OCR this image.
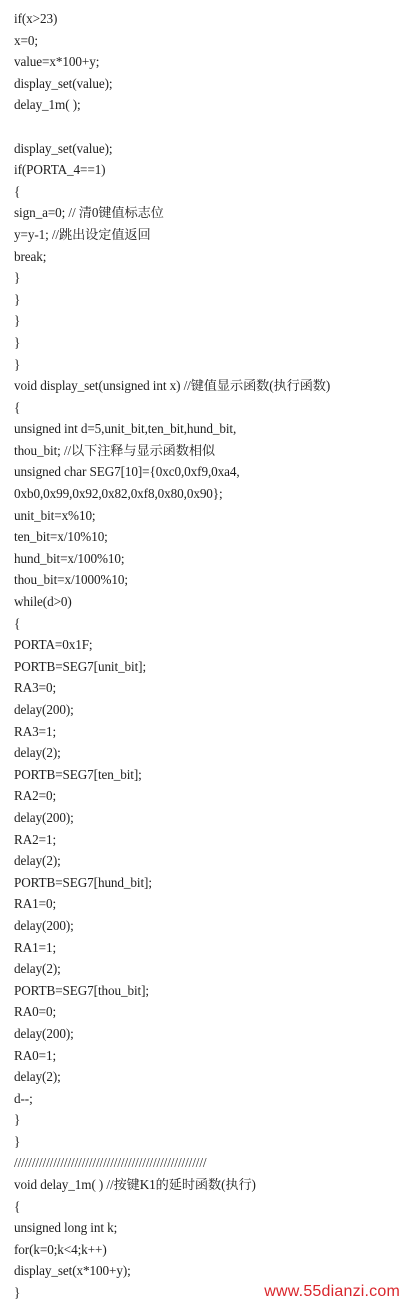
if(x>23)
x=0;
value=x*100+y;
display_set(value);
delay_1m( );
display_set(value);
if(PORTA_4==1)
{
sign_a=0; // 清0键值标志位
y=y-1; //跳出设定值返回
break;
}
}
}
}
}
void display_set(unsigned int x) //键值显示函数(执行函数)
{
unsigned int d=5,unit_bit,ten_bit,hund_bit,
thou_bit; //以下注释与显示函数相似
unsigned char SEG7[10]={0xc0,0xf9,0xa4,
0xb0,0x99,0x92,0x82,0xf8,0x80,0x90};
unit_bit=x%10;
ten_bit=x/10%10;
hund_bit=x/100%10;
thou_bit=x/1000%10;
while(d>0)
{
PORTA=0x1F;
PORTB=SEG7[unit_bit];
RA3=0;
delay(200);
RA3=1;
delay(2);
PORTB=SEG7[ten_bit];
RA2=0;
delay(200);
RA2=1;
delay(2);
PORTB=SEG7[hund_bit];
RA1=0;
delay(200);
RA1=1;
delay(2);
PORTB=SEG7[thou_bit];
RA0=0;
delay(200);
RA0=1;
delay(2);
d--;
}
}
//////////////////////////////////////////////////////
void delay_1m( ) //按键K1的延时函数(执行)
{
unsigned long int k;
for(k=0;k<4;k++)
display_set(x*100+y);
}	www.55dianzi.com
